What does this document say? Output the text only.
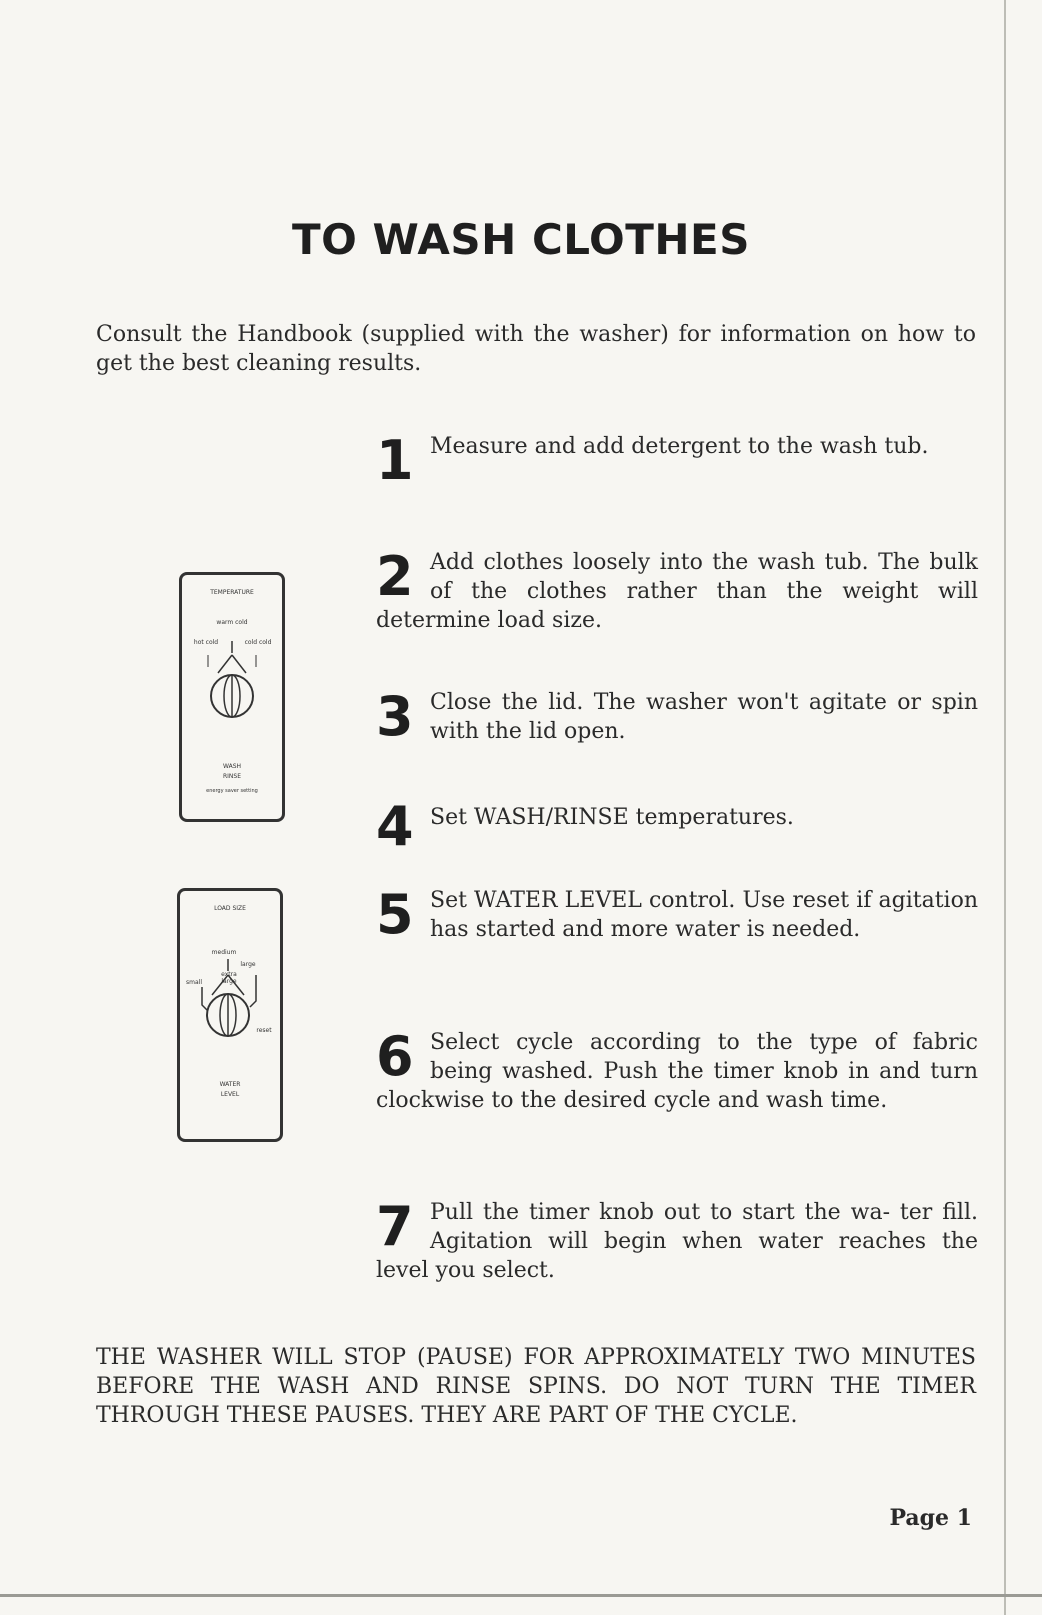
TO WASH CLOTHES
Consult the Handbook (supplied with the washer) for information on how to get the best cleaning results.
TEMPERATURE
warm cold
hot cold	cold cold
WASH
RINSE
energy saver setting
LOAD SIZE
medium
large
extra large
small
reset
WATER
LEVEL
1 Measure and add detergent to the wash tub.
2 Add clothes loosely into the wash tub. The bulk of the clothes rather than the weight will determine load size.
3 Close the lid. The washer won't agitate or spin with the lid open.
4 Set WASH/RINSE temperatures.
5 Set WATER LEVEL control. Use reset if agitation has started and more water is needed.
6 Select cycle according to the type of fabric being washed. Push the timer knob in and turn clockwise to the desired cycle and wash time.
7 Pull the timer knob out to start the wa- ter fill. Agitation will begin when water reaches the level you select.
THE WASHER WILL STOP (PAUSE) FOR APPROXIMATELY TWO MINUTES BEFORE THE WASH AND RINSE SPINS. DO NOT TURN THE TIMER THROUGH THESE PAUSES. THEY ARE PART OF THE CYCLE.
Page 1
